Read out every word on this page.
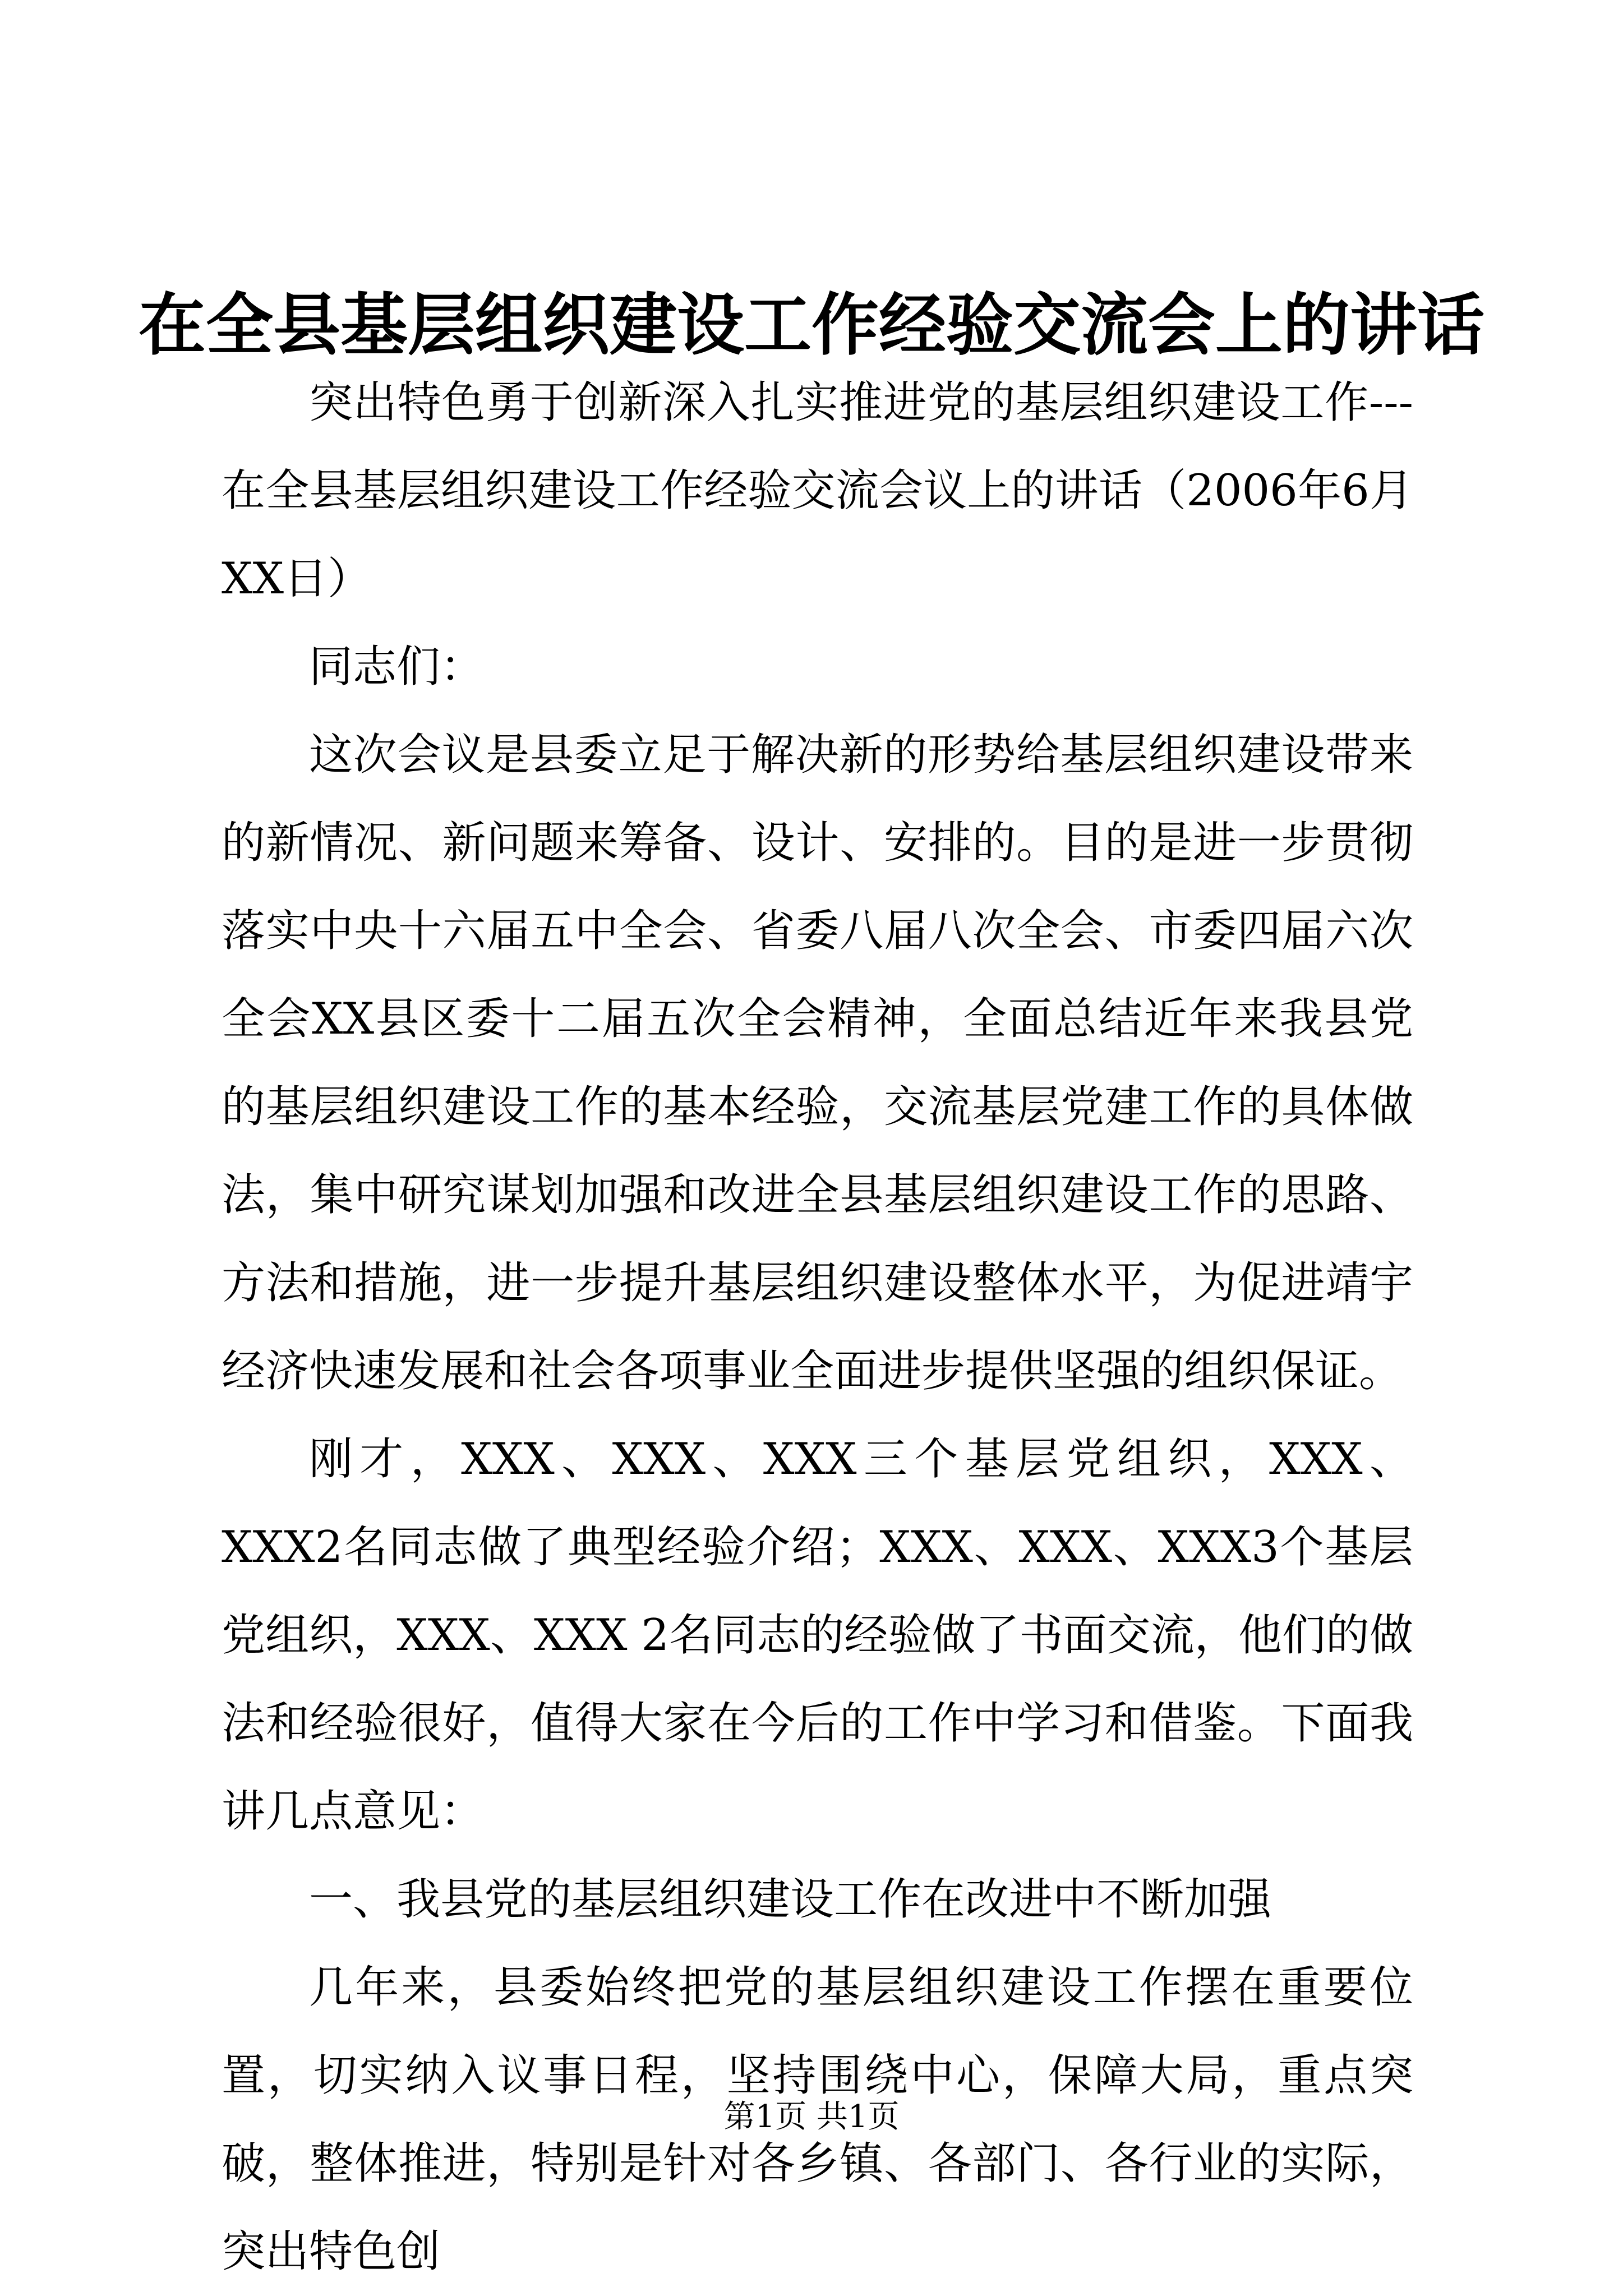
在全县基层组织建设工作经验交流会上的讲话

突出特色勇于创新深入扎实推进党的基层组织建设工作---在全县基层组织建设工作经验交流会议上的讲话（2006年6月XX日）

同志们：

这次会议是县委立足于解决新的形势给基层组织建设带来的新情况、新问题来筹备、设计、安排的。目的是进一步贯彻落实中央十六届五中全会、省委八届八次全会、市委四届六次全会XX县区委十二届五次全会精神，全面总结近年来我县党的基层组织建设工作的基本经验，交流基层党建工作的具体做法，集中研究谋划加强和改进全县基层组织建设工作的思路、方法和措施，进一步提升基层组织建设整体水平，为促进靖宇经济快速发展和社会各项事业全面进步提供坚强的组织保证。

刚才，XXX、XXX、XXX三个基层党组织，XXX、XXX2名同志做了典型经验介绍；XXX、XXX、XXX3个基层党组织，XXX、XXX 2名同志的经验做了书面交流，他们的做法和经验很好，值得大家在今后的工作中学习和借鉴。下面我讲几点意见：

一、我县党的基层组织建设工作在改进中不断加强

几年来，县委始终把党的基层组织建设工作摆在重要位置，切实纳入议事日程，坚持围绕中心，保障大局，重点突破，整体推进，特别是针对各乡镇、各部门、各行业的实际，突出特色创

第1页 共1页
